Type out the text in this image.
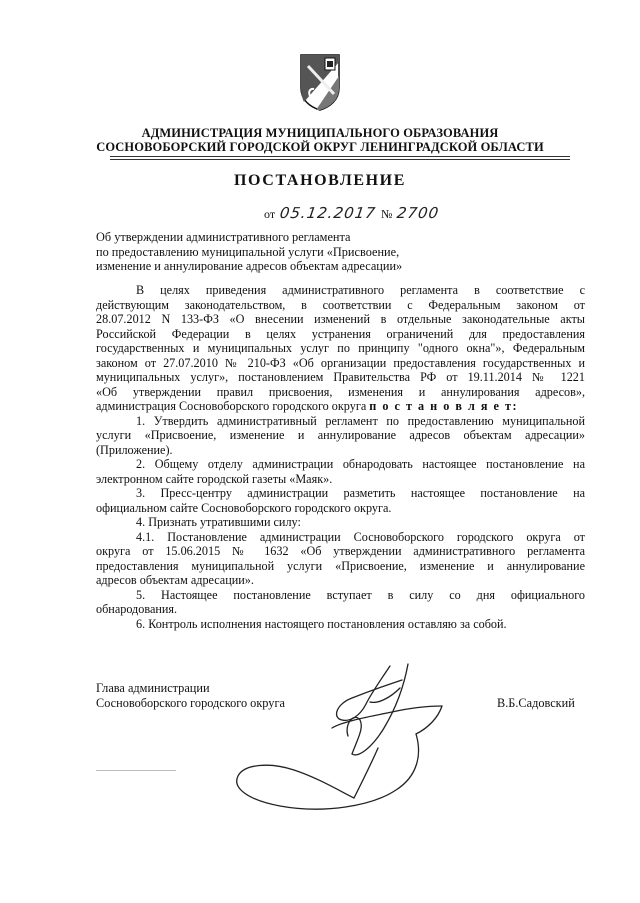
АДМИНИСТРАЦИЯ МУНИЦИПАЛЬНОГО ОБРАЗОВАНИЯ
СОСНОВОБОРСКИЙ ГОРОДСКОЙ ОКРУГ ЛЕНИНГРАДСКОЙ ОБЛАСТИ
ПОСТАНОВЛЕНИЕ
от 05.12.2017 № 2700
Об утверждении административного регламента
по предоставлению муниципальной услуги «Присвоение,
изменение и аннулирование адресов объектам адресации»

В целях приведения административного регламента в соответствие с

действующим законодательством, в соответствии с Федеральным законом от

28.07.2012 N 133-ФЗ «О внесении изменений в отдельные законодательные акты

Российской Федерации в целях устранения ограничений для предоставления

государственных и муниципальных услуг по принципу "одного окна"», Федеральным

законом от 27.07.2010 № 210-ФЗ «Об организации предоставления государственных и

муниципальных услуг», постановлением Правительства РФ от 19.11.2014 № 1221

«Об утверждении правил присвоения, изменения и аннулирования адресов»,

администрация Сосновоборского городского округа п о с т а н о в л я е т:

1. Утвердить административный регламент по предоставлению муниципальной

услуги «Присвоение, изменение и аннулирование адресов объектам адресации»

(Приложение).

2. Общему отделу администрации обнародовать настоящее постановление на

электронном сайте городской газеты «Маяк».

3. Пресс-центру администрации разметить настоящее постановление на

официальном сайте Сосновоборского городского округа.

4. Признать утратившими силу:

4.1. Постановление администрации Сосновоборского городского округа от

округа от 15.06.2015 № 1632 «Об утверждении административного регламента

предоставления муниципальной услуги «Присвоение, изменение и аннулирование

адресов объектам адресации».

5. Настоящее постановление вступает в силу со дня официального

обнародования.

6. Контроль исполнения настоящего постановления оставляю за собой.

Глава администрации
Сосновоборского городского округа	В.Б.Садовский
